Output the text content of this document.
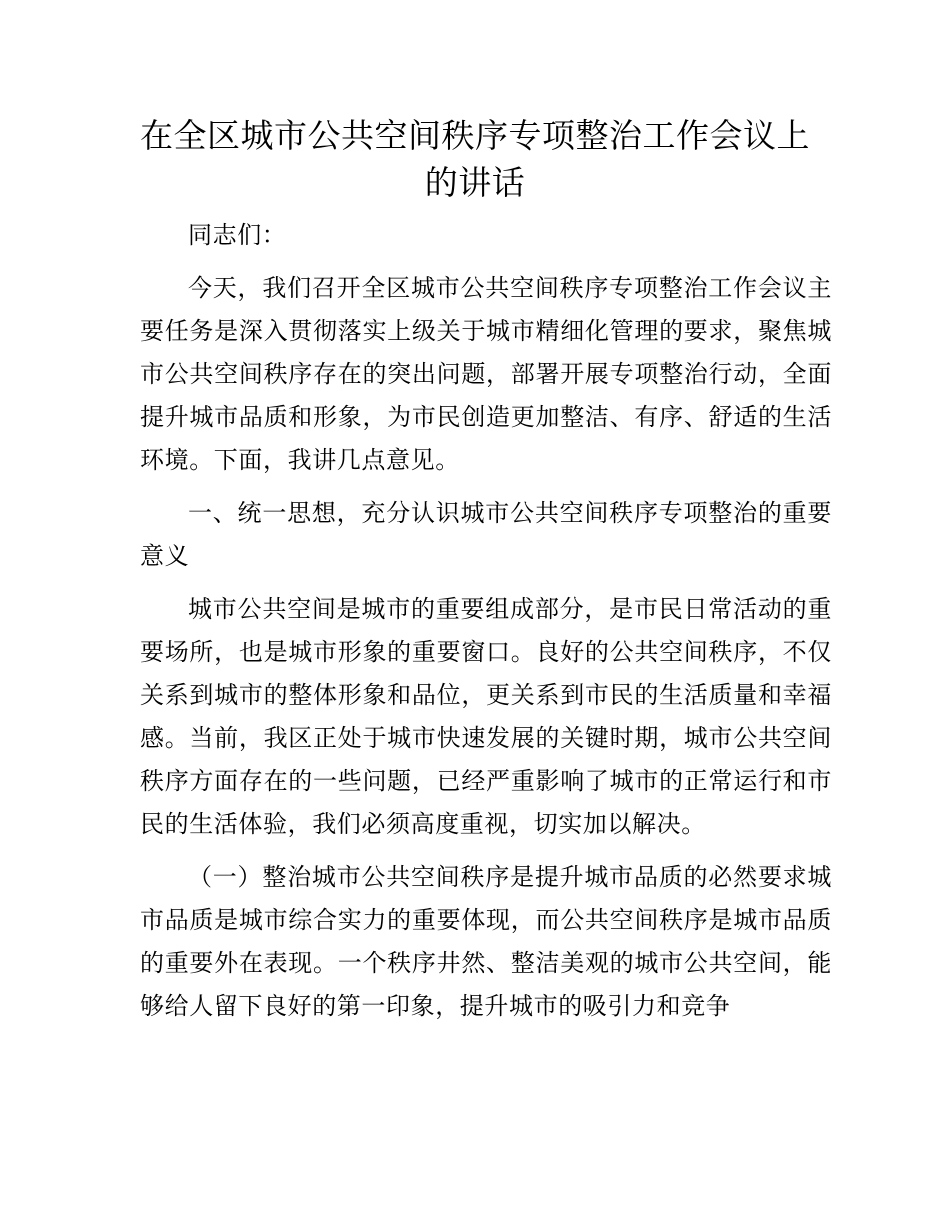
在全区城市公共空间秩序专项整治工作会议上
的讲话

同志们：

今天，我们召开全区城市公共空间秩序专项整治工作会议主要任务是深入贯彻落实上级关于城市精细化管理的要求，聚焦城市公共空间秩序存在的突出问题，部署开展专项整治行动，全面提升城市品质和形象，为市民创造更加整洁、有序、舒适的生活环境。下面，我讲几点意见。

一、统一思想，充分认识城市公共空间秩序专项整治的重要意义

城市公共空间是城市的重要组成部分，是市民日常活动的重要场所，也是城市形象的重要窗口。良好的公共空间秩序，不仅关系到城市的整体形象和品位，更关系到市民的生活质量和幸福感。当前，我区正处于城市快速发展的关键时期，城市公共空间秩序方面存在的一些问题，已经严重影响了城市的正常运行和市民的生活体验，我们必须高度重视，切实加以解决。

（一）整治城市公共空间秩序是提升城市品质的必然要求城市品质是城市综合实力的重要体现，而公共空间秩序是城市品质的重要外在表现。一个秩序井然、整洁美观的城市公共空间，能够给人留下良好的第一印象，提升城市的吸引力和竞争
